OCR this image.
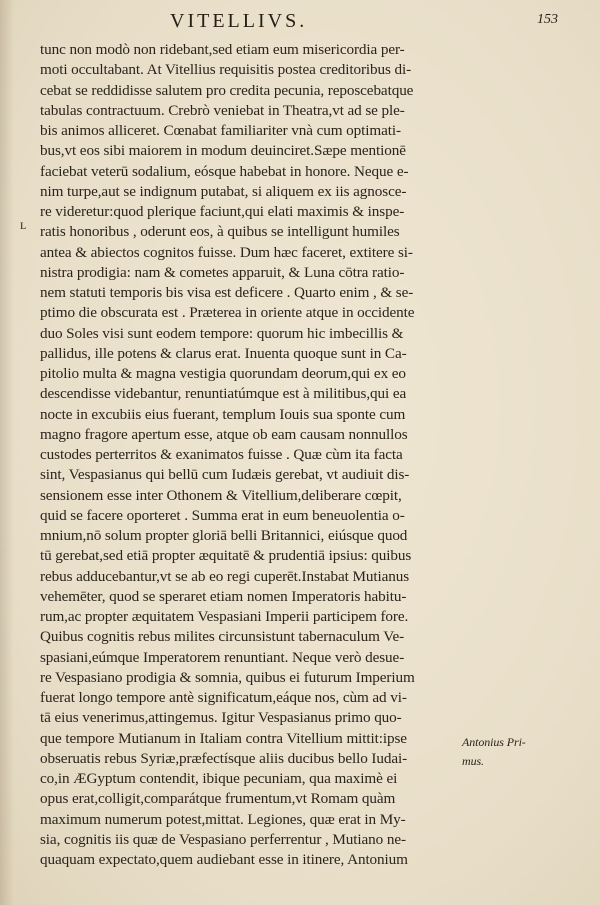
VITELLIVS.	153
ʟ
tunc non modò non ridebant,sed etiam eum misericordia per-
moti occultabant. At Vitellius requisitis postea creditoribus di-
cebat se reddidisse salutem pro credita pecunia, reposcebatque
tabulas contractuum. Crebrò veniebat in Theatra,vt ad se ple-
bis animos alliceret. Cœnabat familiariter vnà cum optimati-
bus,vt eos sibi maiorem in modum deuinciret.Sæpe mentionē
faciebat veterū sodalium, eósque habebat in honore. Neque e-
nim turpe,aut se indignum putabat, si aliquem ex iis agnosce-
re videretur:quod plerique faciunt,qui elati maximis & inspe-
ratis honoribus , oderunt eos, à quibus se intelligunt humiles
antea & abiectos cognitos fuisse. Dum hæc faceret, extitere si-
nistra prodigia: nam & cometes apparuit, & Luna cōtra ratio-
nem statuti temporis bis visa est deficere . Quarto enim , & se-
ptimo die obscurata est . Præterea in oriente atque in occidente
duo Soles visi sunt eodem tempore: quorum hic imbecillis &
pallidus, ille potens & clarus erat. Inuenta quoque sunt in Ca-
pitolio multa & magna vestigia quorundam deorum,qui ex eo
descendisse videbantur, renuntiatúmque est à militibus,qui ea
nocte in excubiis eius fuerant, templum Iouis sua sponte cum
magno fragore apertum esse, atque ob eam causam nonnullos
custodes perterritos & exanimatos fuisse . Quæ cùm ita facta
sint, Vespasianus qui bellū cum Iudæis gerebat, vt audiuit dis-
sensionem esse inter Othonem & Vitellium,deliberare cœpit,
quid se facere oporteret . Summa erat in eum beneuolentia o-
mnium,nō solum propter gloriā belli Britannici, eiúsque quod
tū gerebat,sed etiā propter æquitatē & prudentiā ipsius: quibus
rebus adducebantur,vt se ab eo regi cuperēt.Instabat Mutianus
vehemēter, quod se speraret etiam nomen Imperatoris habitu-
rum,ac propter æquitatem Vespasiani Imperii participem fore.
Quibus cognitis rebus milites circunsistunt tabernaculum Ve-
spasiani,eúmque Imperatorem renuntiant. Neque verò desue-
re Vespasiano prodigia & somnia, quibus ei futurum Imperium
fuerat longo tempore antè significatum,eáque nos, cùm ad vi-
tā eius venerimus,attingemus. Igitur Vespasianus primo quo-
que tempore Mutianum in Italiam contra Vitellium mittit:ipse
obseruatis rebus Syriæ,præfectísque aliis ducibus bello Iudai-
co,in ÆGyptum contendit, ibique pecuniam, qua maximè ei
opus erat,colligit,comparátque frumentum,vt Romam quàm
maximum numerum potest,mittat. Legiones, quæ erat in My-
sia, cognitis iis quæ de Vespasiano perferrentur , Mutiano ne-
quaquam expectato,quem audiebant esse in itinere, Antonium
Antonius Pri-
mus.
